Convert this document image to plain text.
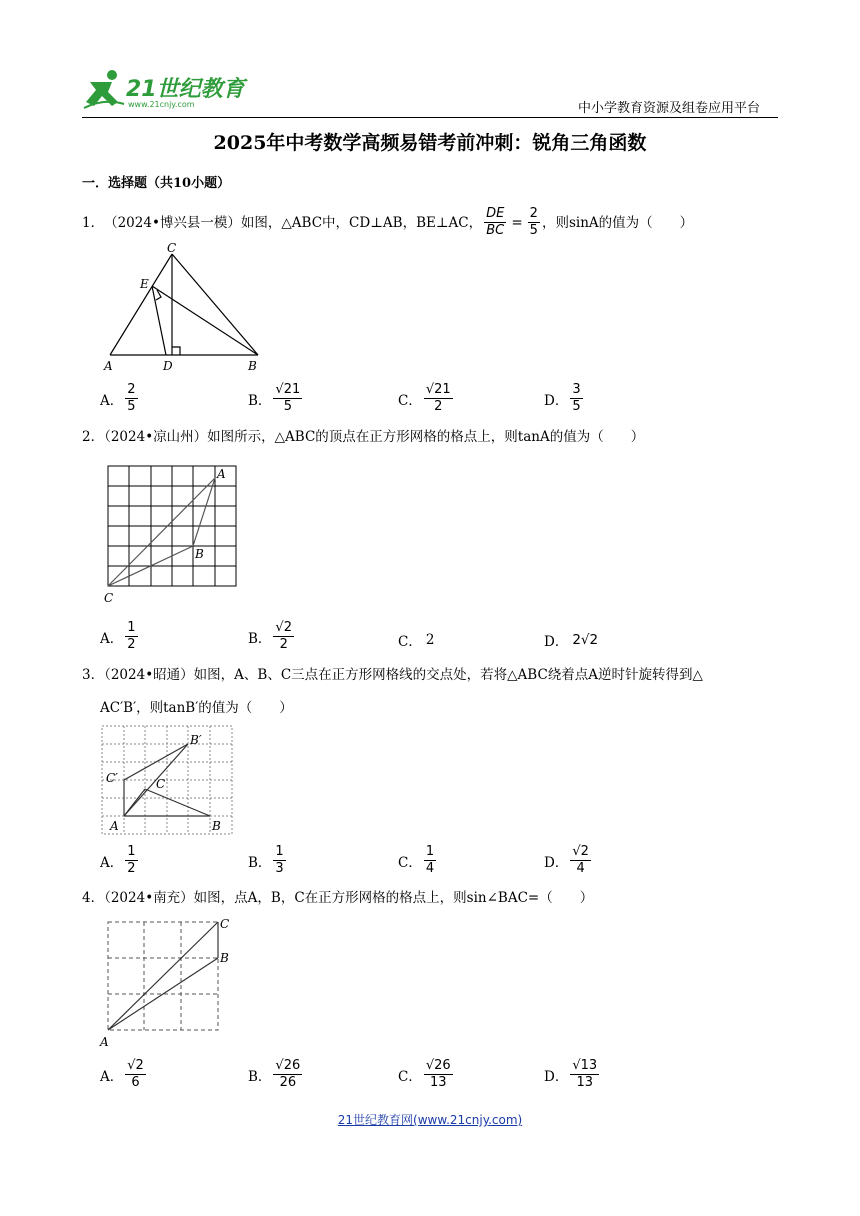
21世纪教育
www.21cnjy.com	中小学教育资源及组卷应用平台
2025年中考数学高频易错考前冲刺：锐角三角函数
一．选择题（共10小题）
1． （2024•博兴县一模） 如图，△ABC中，CD⊥AB，BE⊥AC， $\frac{DE}{BC} = \frac{2}{5}$ ，则sinA的值为（　　）
C
E
A	D	B
A． $\frac{2}{5}$	B． $\frac{√21}{5}$	C． $\frac{√21}{2}$	D． $\frac{3}{5}$
2．（2024•凉山州）如图所示，△ABC的顶点在正方形网格的格点上，则tanA的值为（　　）
A
B
C
A． $\frac{1}{2}$	B． $\frac{√2}{2}$	C． 2	D． 2√2
3．（2024•昭通）如图，A、B、C三点在正方形网格线的交点处，若将△ABC绕着点A逆时针旋转得到△
AC′B′，则tanB′的值为（　　）
B′
C′	C
A	B
A． $\frac{1}{2}$	B． $\frac{1}{3}$	C． $\frac{1}{4}$	D． $\frac{√2}{4}$
4．（2024•南充）如图，点A，B，C在正方形网格的格点上，则sin∠BAC=（　　）
C
B
A
A． $\frac{√2}{6}$	B． $\frac{√26}{26}$	C． $\frac{√26}{13}$	D． $\frac{√13}{13}$
21世纪教育网(www.21cnjy.com)
